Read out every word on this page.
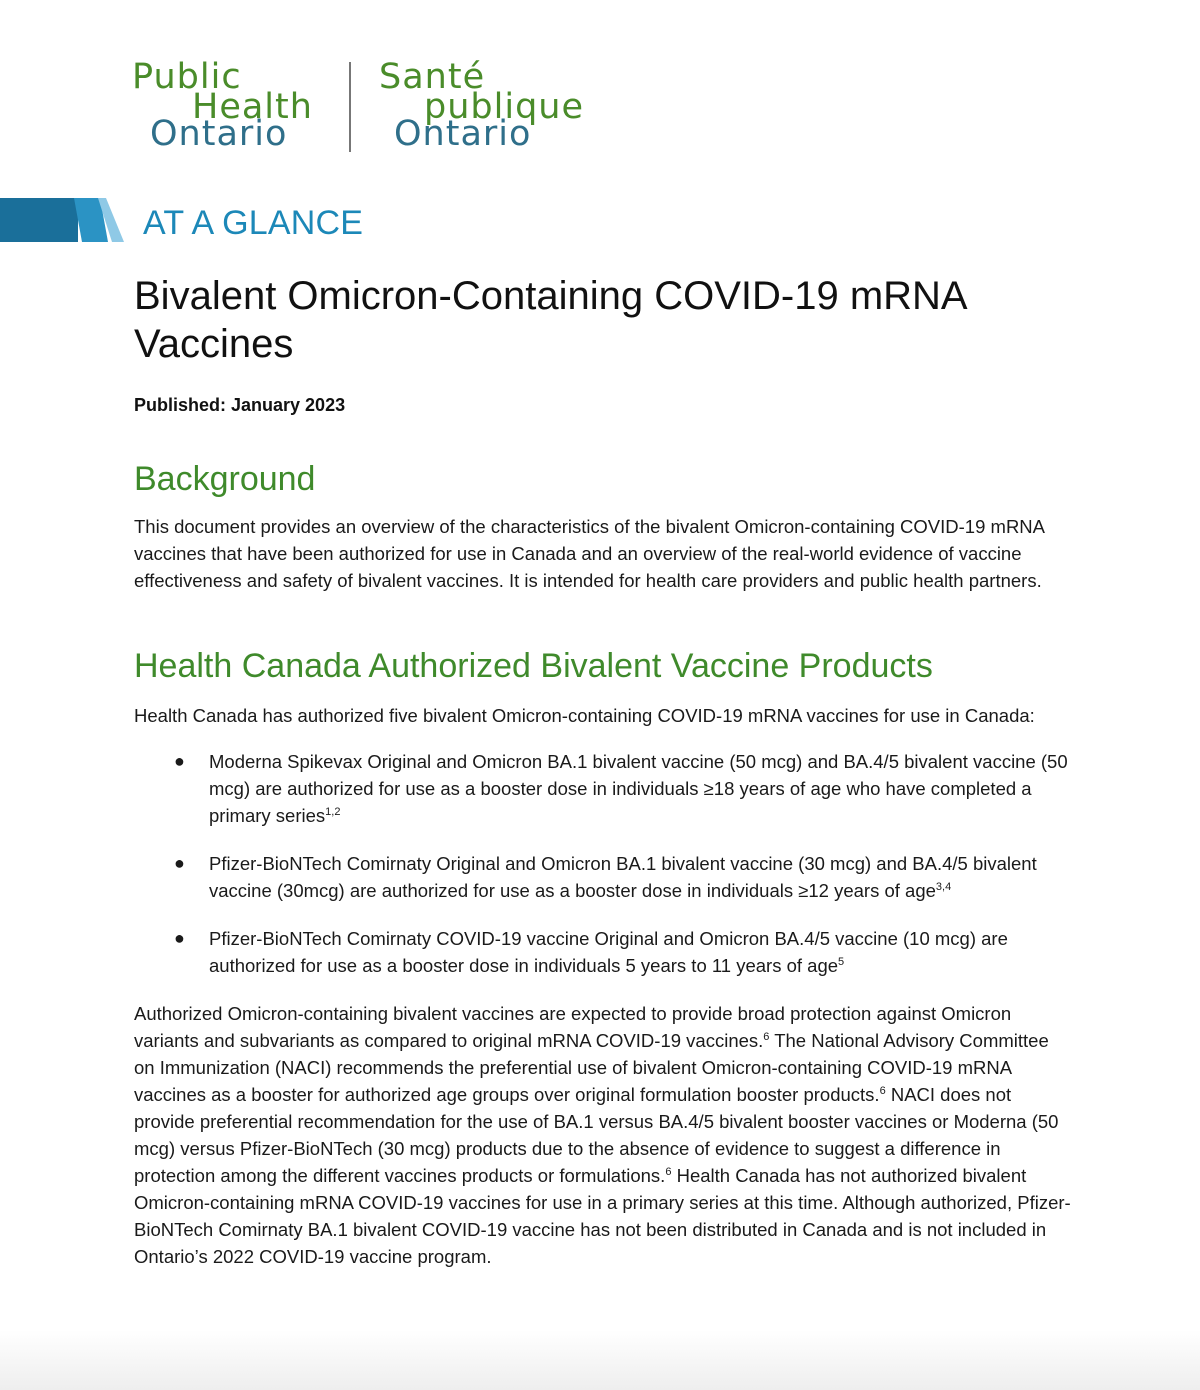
Public
Health
Ontario
Santé
publique
Ontario
AT A GLANCE
Bivalent Omicron-Containing COVID-19 mRNA Vaccines
Published: January 2023
Background

This document provides an overview of the characteristics of the bivalent Omicron-containing COVID-19 mRNA vaccines that have been authorized for use in Canada and an overview of the real-world evidence of vaccine effectiveness and safety of bivalent vaccines. It is intended for health care providers and public health partners.

Health Canada Authorized Bivalent Vaccine Products

Health Canada has authorized five bivalent Omicron-containing COVID-19 mRNA vaccines for use in Canada:

● Moderna Spikevax Original and Omicron BA.1 bivalent vaccine (50 mcg) and BA.4/5 bivalent vaccine (50 mcg) are authorized for use as a booster dose in individuals ≥18 years of age who have completed a primary series$^{1,2}$
● Pfizer-BioNTech Comirnaty Original and Omicron BA.1 bivalent vaccine (30 mcg) and BA.4/5 bivalent vaccine (30mcg) are authorized for use as a booster dose in individuals ≥12 years of age$^{3,4}$
● Pfizer-BioNTech Comirnaty COVID-19 vaccine Original and Omicron BA.4/5 vaccine (10 mcg) are authorized for use as a booster dose in individuals 5 years to 11 years of age$^5$

Authorized Omicron-containing bivalent vaccines are expected to provide broad protection against Omicron variants and subvariants as compared to original mRNA COVID-19 vaccines.$^6$ The National Advisory Committee on Immunization (NACI) recommends the preferential use of bivalent Omicron-containing COVID-19 mRNA vaccines as a booster for authorized age groups over original formulation booster products.$^6$ NACI does not provide preferential recommendation for the use of BA.1 versus BA.4/5 bivalent booster vaccines or Moderna (50 mcg) versus Pfizer-BioNTech (30 mcg) products due to the absence of evidence to suggest a difference in protection among the different vaccines products or formulations.$^6$ Health Canada has not authorized bivalent Omicron-containing mRNA COVID-19 vaccines for use in a primary series at this time. Although authorized, Pfizer-BioNTech Comirnaty BA.1 bivalent COVID-19 vaccine has not been distributed in Canada and is not included in Ontario’s 2022 COVID-19 vaccine program.
